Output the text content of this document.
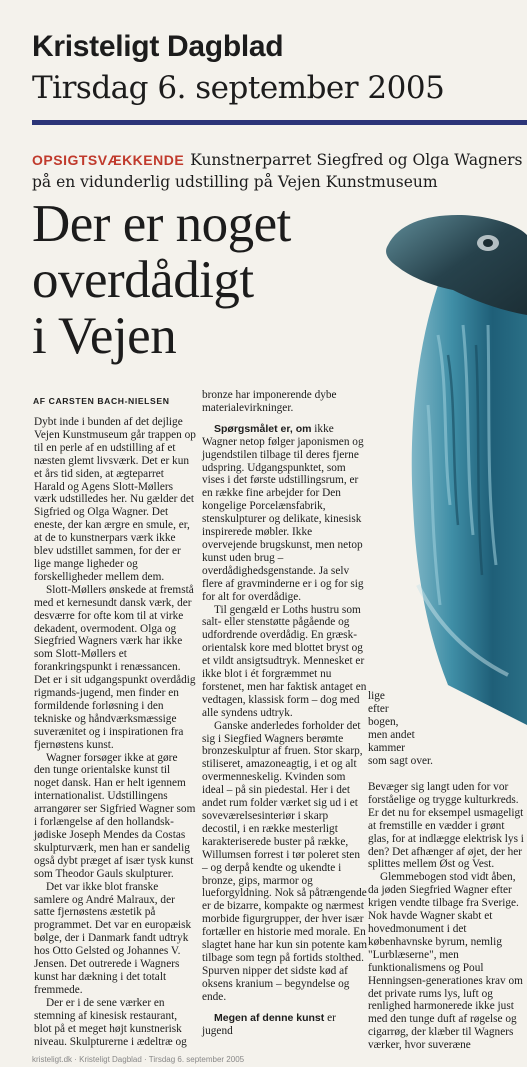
Kristeligt Dagblad
Tirsdag 6. september 2005
OPSIGTSVÆKKENDE Kunstnerparret Siegfred og Olga Wagners
på en vidunderlig udstilling på Vejen Kunstmuseum
Der er noget
overdådigt
i Vejen
AF CARSTEN BACH-NIELSEN

Dybt inde i bunden af det dejlige Vejen Kunstmuseum går trappen op til en perle af en udstilling af et næsten glemt livsværk. Det er kun et års tid siden, at ægteparret Harald og Agens Slott-Møllers værk udstilledes her. Nu gælder det Sigfried og Olga Wagner. Det eneste, der kan ærgre en smule, er, at de to kunstnerpars værk ikke blev udstillet sammen, for der er lige mange ligheder og forskelligheder mellem dem.

Slott-Møllers ønskede at fremstå med et kernesundt dansk værk, der desværre for ofte kom til at virke dekadent, overmodent. Olga og Siegfried Wagners værk har ikke som Slott-Møllers et forankringspunkt i renæssancen. Det er i sit udgangspunkt overdådig rigmands-jugend, men finder en formildende forløsning i den tekniske og håndværksmæssige suverænitet og i inspirationen fra fjernøstens kunst.

Wagner forsøger ikke at gøre den tunge orientalske kunst til noget dansk. Han er helt igennem internationalist. Udstillingens arrangører ser Sigfried Wagner som i forlængelse af den hollandsk-jødiske Joseph Mendes da Costas skulpturværk, men han er sandelig også dybt præget af især tysk kunst som Theodor Gauls skulpturer.

Det var ikke blot franske samlere og André Malraux, der satte fjernøstens æstetik på programmet. Det var en europæisk bølge, der i Danmark fandt udtryk hos Otto Gelsted og Johannes V. Jensen. Det outrerede i Wagners kunst har dækning i det totalt fremmede.

Der er i de sene værker en stemning af kinesisk restaurant, blot på et meget højt kunstnerisk niveau. Skulpturerne i ædeltræ og

bronze har imponerende dybe materialevirkninger.

Spørgsmålet er, om ikke Wagner netop følger japonismen og jugendstilen tilbage til deres fjerne udspring. Udgangspunktet, som vises i det første udstillingsrum, er en række fine arbejder for Den kongelige Porcelænsfabrik, stenskulpturer og delikate, kinesisk inspirerede møbler. Ikke overvejende brugskunst, men netop kunst uden brug – overdådighedsgenstande. Ja selv flere af gravminderne er i og for sig for alt for overdådige.

Til gengæld er Loths hustru som salt- eller stenstøtte pågående og udfordrende overdådig. En græsk-orientalsk kore med blottet bryst og et vildt ansigtsudtryk. Mennesket er ikke blot i ét forgræmmet nu forstenet, men har faktisk antaget en vedtagen, klassisk form – dog med alle syndens udtryk.

Ganske anderledes forholder det sig i Siegfied Wagners berømte bronzeskulptur af fruen. Stor skarp, stiliseret, amazoneagtig, i et og alt overmenneskelig. Kvinden som ideal – på sin piedestal. Her i det andet rum folder værket sig ud i et soveværelsesinteriør i skarp decostil, i en række mesterligt karakteriserede buster på række, Willumsen forrest i tør poleret sten – og derpå kendte og ukendte i bronze, gips, marmor og lueforgyldning. Nok så påtrængende er de bizarre, kompakte og nærmest morbide figurgrupper, der hver især fortæller en historie med morale. En slagtet hane har kun sin potente kam tilbage som tegn på fortids stolthed. Spurven nipper det sidste kød af oksens kranium – begyndelse og ende.

Megen af denne kunst er jugend

lige
efter
bogen,
men andet
kammer
som sagt over.

Bevæger sig langt uden for vor forståelige og trygge kulturkreds. Er det nu for eksempel usmageligt at fremstille en vædder i grønt glas, for at indlægge elektrisk lys i den? Det afhænger af øjet, der her splittes mellem Øst og Vest.

Glemmebogen stod vidt åben, da jøden Siegfried Wagner efter krigen vendte tilbage fra Sverige. Nok havde Wagner skabt et hovedmonument i det københavnske byrum, nemlig "Lurblæserne", men funktionalismens og Poul Henningsen-generationes krav om det private rums lys, luft og renlighed harmonerede ikke just med den tunge duft af røgelse og cigarrøg, der klæber til Wagners værker, hvor suveræne

kristeligt.dk · Kristeligt Dagblad · Tirsdag 6. september 2005
